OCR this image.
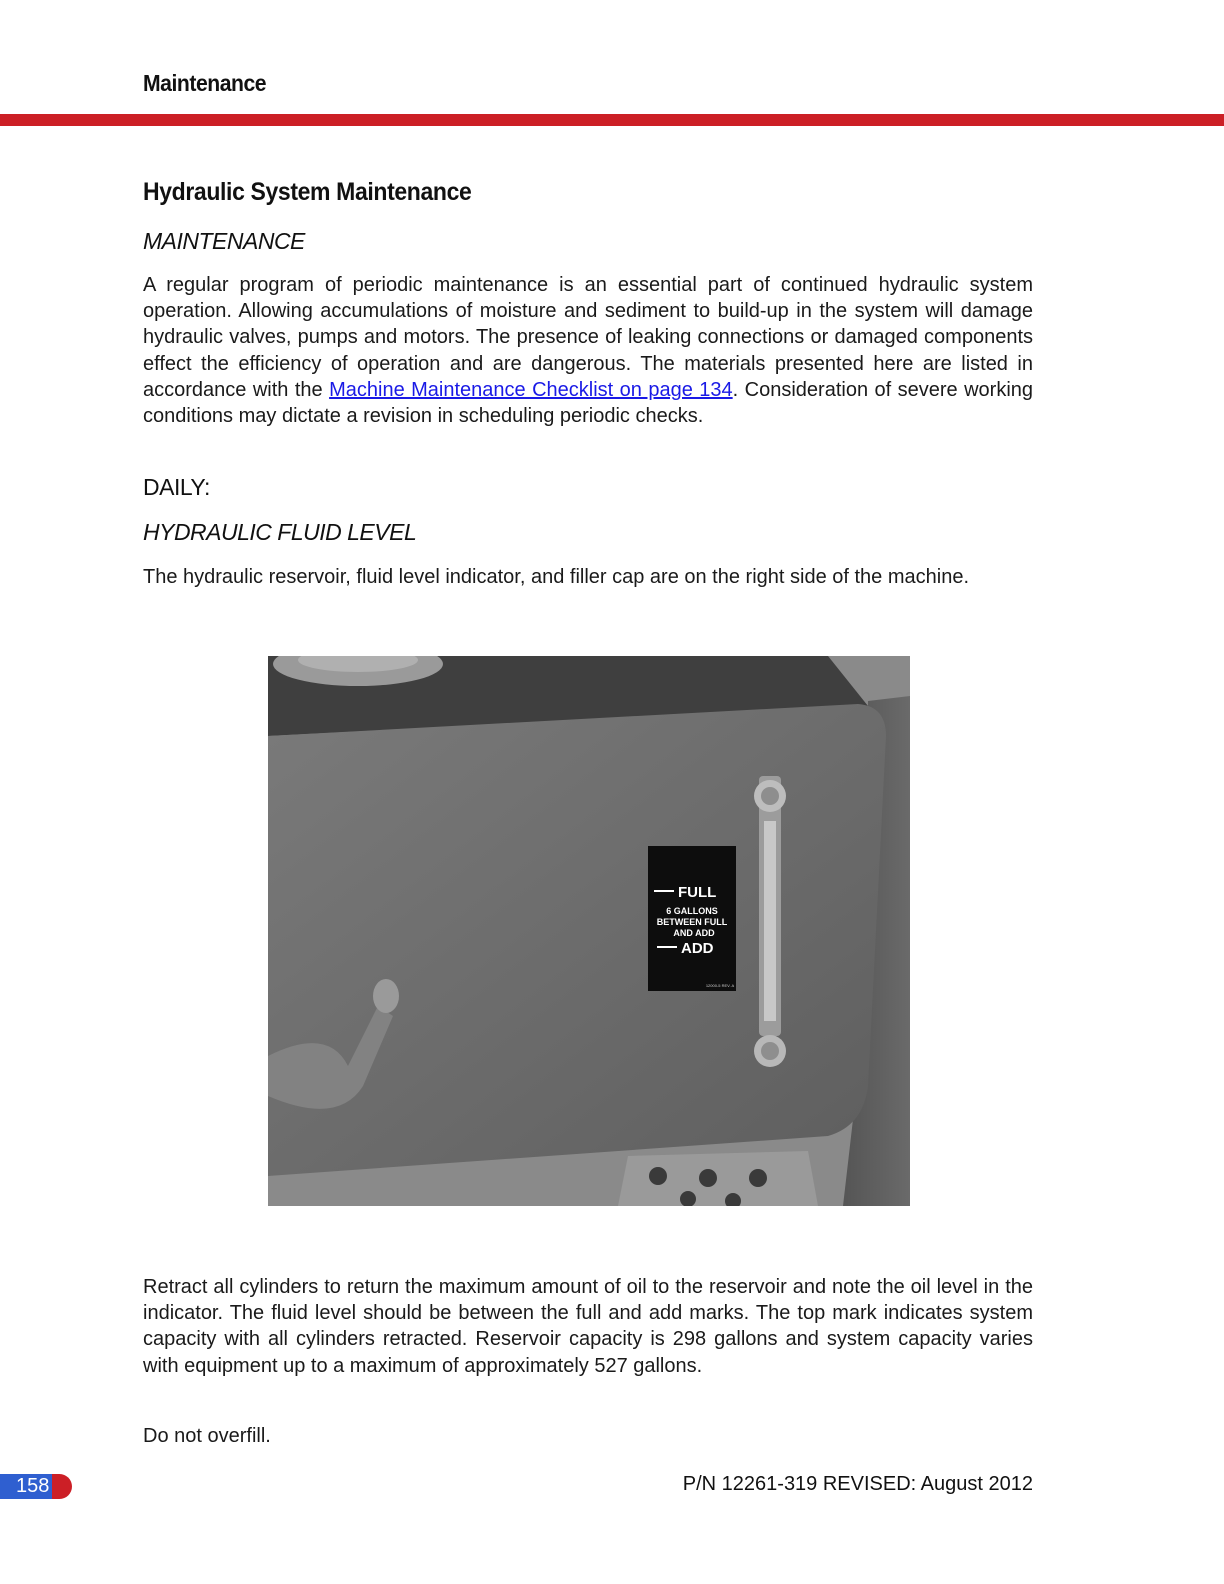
Maintenance
Hydraulic System Maintenance
MAINTENANCE
A regular program of periodic maintenance is an essential part of continued hydraulic system operation. Allowing accumulations of moisture and sediment to build-up in the system will damage hydraulic valves, pumps and motors. The presence of leaking connections or damaged components effect the efficiency of operation and are dangerous. The materials presented here are listed in accordance with the Machine Maintenance Checklist on page 134. Consideration of severe working conditions may dictate a revision in scheduling periodic checks.
DAILY:
HYDRAULIC FLUID LEVEL
The hydraulic reservoir, fluid level indicator, and filler cap are on the right side of the machine.
FULL
6 GALLONS
BETWEEN FULL
AND ADD
ADD
12000-5 REV. A
Retract all cylinders to return the maximum amount of oil to the reservoir and note the oil level in the indicator. The fluid level should be between the full and add marks. The top mark indicates system capacity with all cylinders retracted. Reservoir capacity is 298 gallons and system capacity varies with equipment up to a maximum of approximately 527 gallons.
Do not overfill.
158	P/N 12261-319 REVISED: August 2012
